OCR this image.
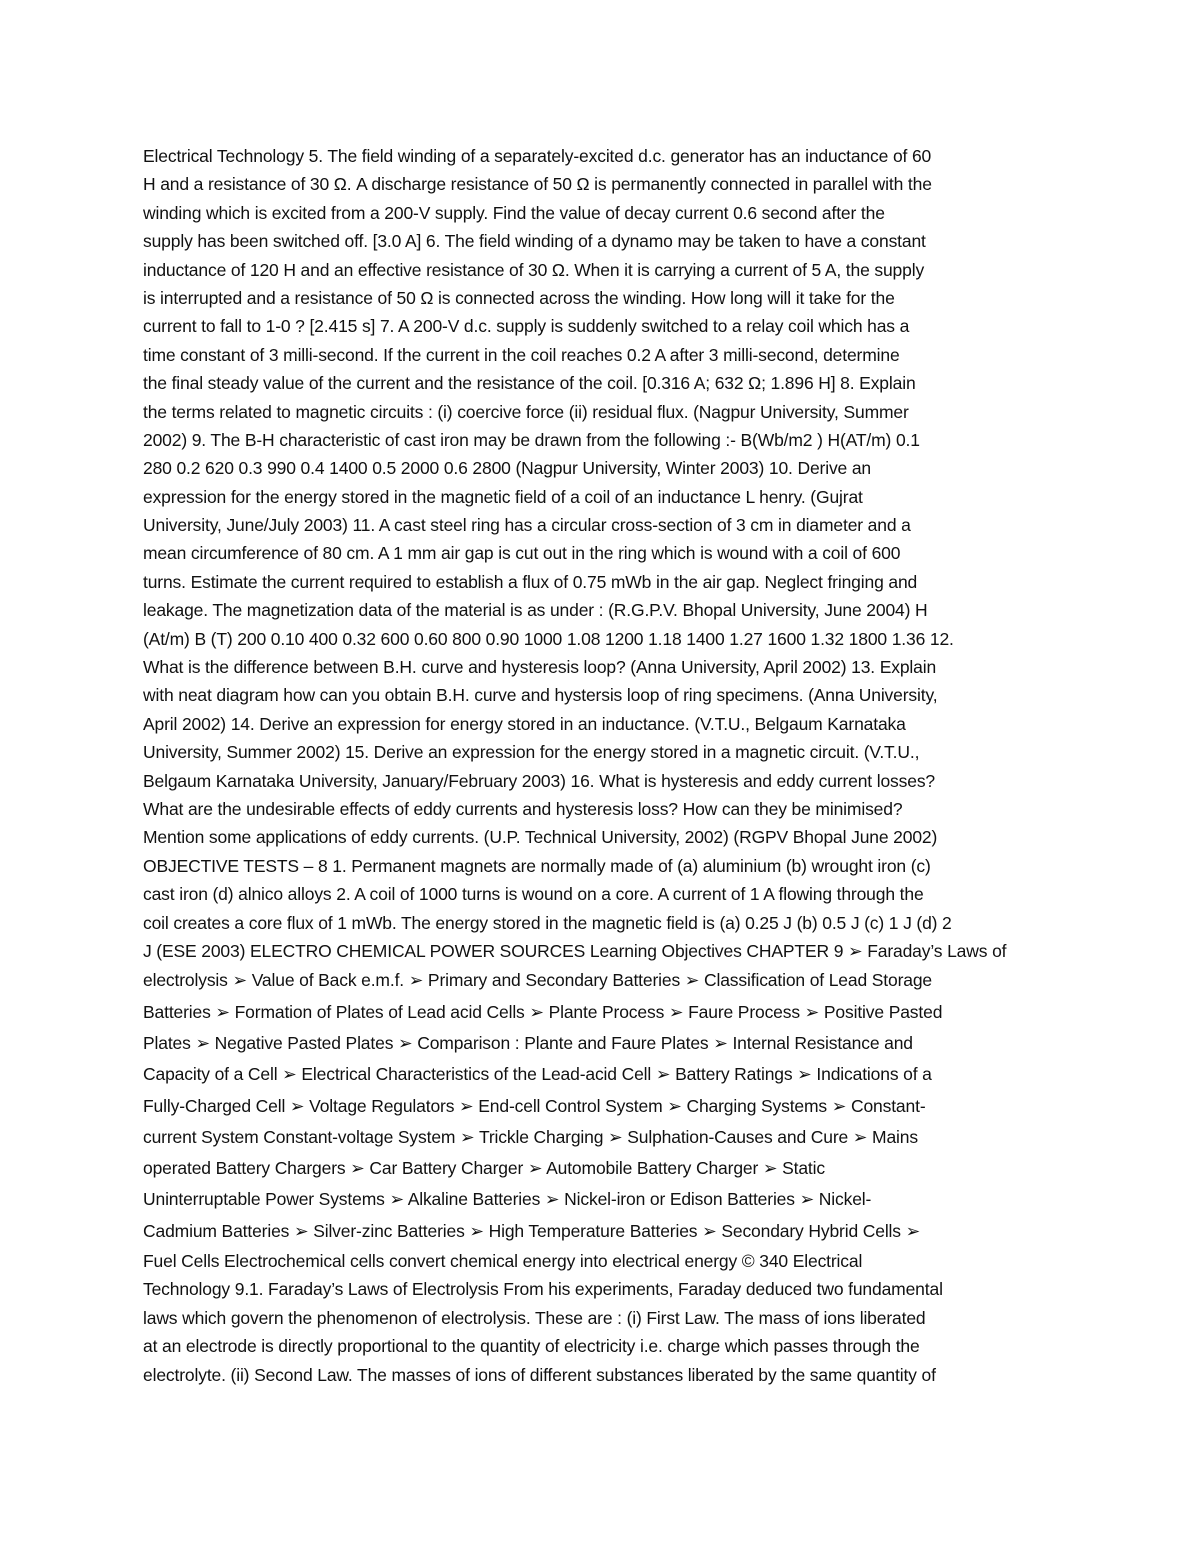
Electrical Technology 5. The field winding of a separately-excited d.c. generator has an inductance of 60
H and a resistance of 30 Ω. A discharge resistance of 50 Ω is permanently connected in parallel with the
winding which is excited from a 200-V supply. Find the value of decay current 0.6 second after the
supply has been switched off. [3.0 A] 6. The field winding of a dynamo may be taken to have a constant
inductance of 120 H and an effective resistance of 30 Ω. When it is carrying a current of 5 A, the supply
is interrupted and a resistance of 50 Ω is connected across the winding. How long will it take for the
current to fall to 1-0 ? [2.415 s] 7. A 200-V d.c. supply is suddenly switched to a relay coil which has a
time constant of 3 milli-second. If the current in the coil reaches 0.2 A after 3 milli-second, determine
the final steady value of the current and the resistance of the coil. [0.316 A; 632 Ω; 1.896 H] 8. Explain
the terms related to magnetic circuits : (i) coercive force (ii) residual flux. (Nagpur University, Summer
2002) 9. The B-H characteristic of cast iron may be drawn from the following :- B(Wb/m2 ) H(AT/m) 0.1
280 0.2 620 0.3 990 0.4 1400 0.5 2000 0.6 2800 (Nagpur University, Winter 2003) 10. Derive an
expression for the energy stored in the magnetic field of a coil of an inductance L henry. (Gujrat
University, June/July 2003) 11. A cast steel ring has a circular cross-section of 3 cm in diameter and a
mean circumference of 80 cm. A 1 mm air gap is cut out in the ring which is wound with a coil of 600
turns. Estimate the current required to establish a flux of 0.75 mWb in the air gap. Neglect fringing and
leakage. The magnetization data of the material is as under : (R.G.P.V. Bhopal University, June 2004) H
(At/m) B (T) 200 0.10 400 0.32 600 0.60 800 0.90 1000 1.08 1200 1.18 1400 1.27 1600 1.32 1800 1.36 12.
What is the difference between B.H. curve and hysteresis loop? (Anna University, April 2002) 13. Explain
with neat diagram how can you obtain B.H. curve and hystersis loop of ring specimens. (Anna University,
April 2002) 14. Derive an expression for energy stored in an inductance. (V.T.U., Belgaum Karnataka
University, Summer 2002) 15. Derive an expression for the energy stored in a magnetic circuit. (V.T.U.,
Belgaum Karnataka University, January/February 2003) 16. What is hysteresis and eddy current losses?
What are the undesirable effects of eddy currents and hysteresis loss? How can they be minimised?
Mention some applications of eddy currents. (U.P. Technical University, 2002) (RGPV Bhopal June 2002)
OBJECTIVE TESTS – 8 1. Permanent magnets are normally made of (a) aluminium (b) wrought iron (c)
cast iron (d) alnico alloys 2. A coil of 1000 turns is wound on a core. A current of 1 A flowing through the
coil creates a core flux of 1 mWb. The energy stored in the magnetic field is (a) 0.25 J (b) 0.5 J (c) 1 J (d) 2
J (ESE 2003) ELECTRO CHEMICAL POWER SOURCES Learning Objectives CHAPTER 9 ➢ Faraday’s Laws of
electrolysis ➢ Value of Back e.m.f. ➢ Primary and Secondary Batteries ➢ Classification of Lead Storage
Batteries ➢ Formation of Plates of Lead acid Cells ➢ Plante Process ➢ Faure Process ➢ Positive Pasted
Plates ➢ Negative Pasted Plates ➢ Comparison : Plante and Faure Plates ➢ Internal Resistance and
Capacity of a Cell ➢ Electrical Characteristics of the Lead-acid Cell ➢ Battery Ratings ➢ Indications of a
Fully-Charged Cell ➢ Voltage Regulators ➢ End-cell Control System ➢ Charging Systems ➢ Constant-
current System Constant-voltage System ➢ Trickle Charging ➢ Sulphation-Causes and Cure ➢ Mains
operated Battery Chargers ➢ Car Battery Charger ➢ Automobile Battery Charger ➢ Static
Uninterruptable Power Systems ➢ Alkaline Batteries ➢ Nickel-iron or Edison Batteries ➢ Nickel-
Cadmium Batteries ➢ Silver-zinc Batteries ➢ High Temperature Batteries ➢ Secondary Hybrid Cells ➢
Fuel Cells Electrochemical cells convert chemical energy into electrical energy © 340 Electrical
Technology 9.1. Faraday’s Laws of Electrolysis From his experiments, Faraday deduced two fundamental
laws which govern the phenomenon of electrolysis. These are : (i) First Law. The mass of ions liberated
at an electrode is directly proportional to the quantity of electricity i.e. charge which passes through the
electrolyte. (ii) Second Law. The masses of ions of different substances liberated by the same quantity of
